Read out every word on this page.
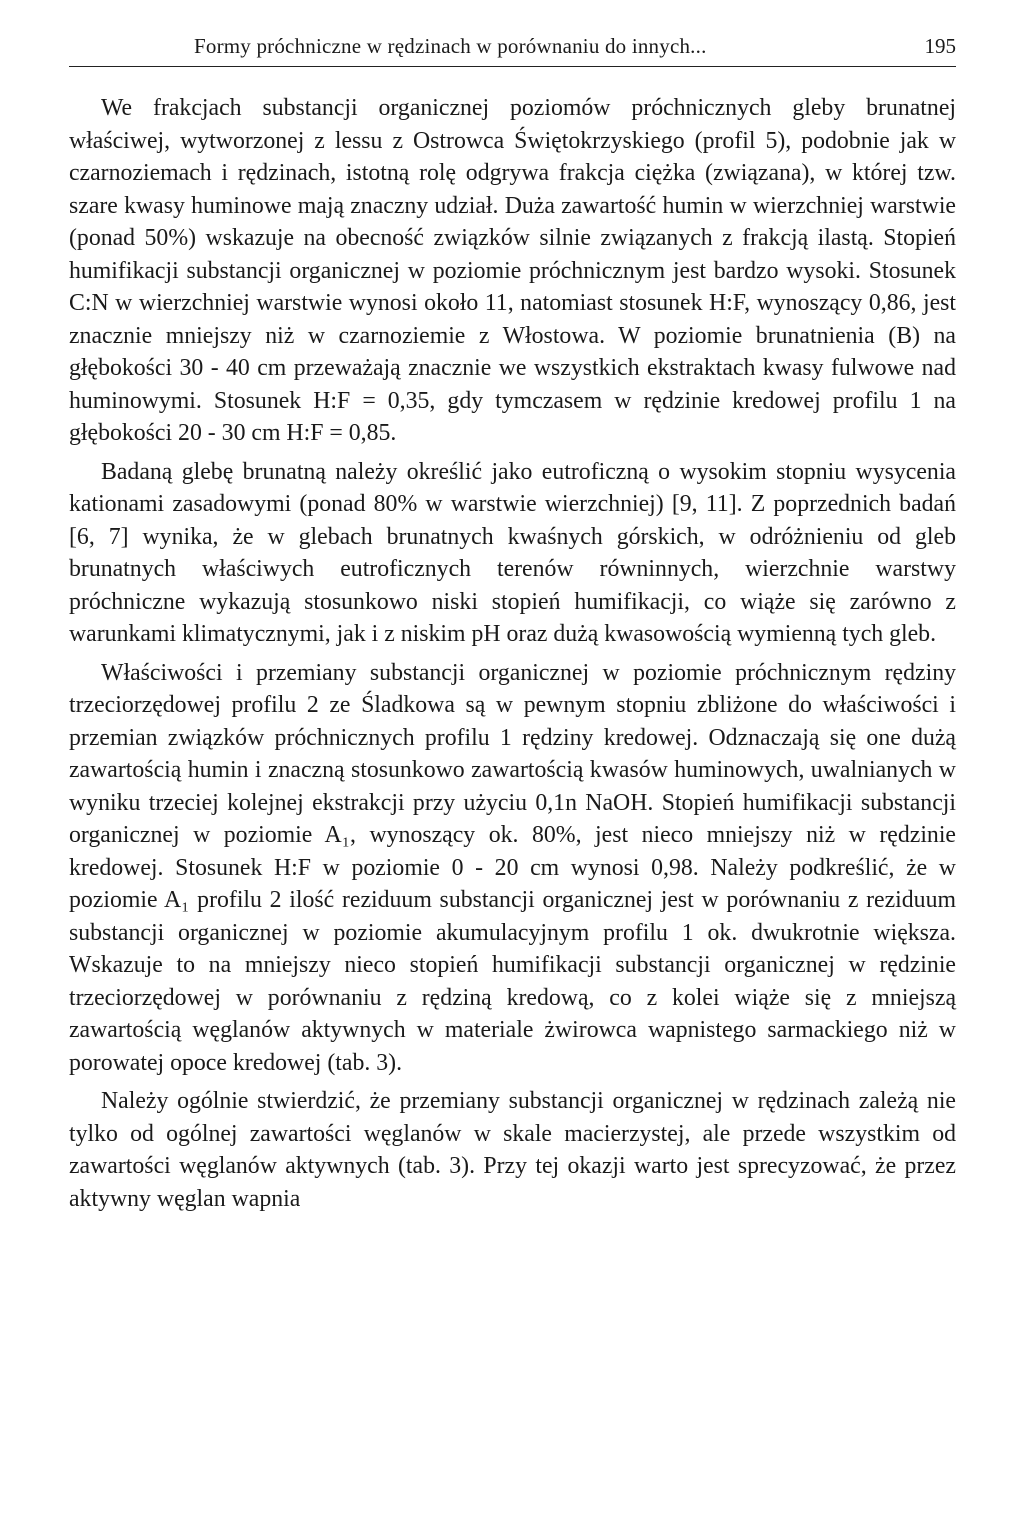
Formy próchniczne w rędzinach w porównaniu do innych...	195

We frakcjach substancji organicznej poziomów próchnicznych gleby brunatnej właściwej, wytworzonej z lessu z Ostrowca Świętokrzyskiego (profil 5), podobnie jak w czarnoziemach i rędzinach, istotną rolę odgrywa frakcja ciężka (związana), w której tzw. szare kwasy huminowe mają znaczny udział. Duża zawartość humin w wierzchniej warstwie (ponad 50%) wskazuje na obecność związków silnie związanych z frakcją ilastą. Stopień humifikacji substancji organicznej w poziomie próchnicznym jest bardzo wysoki. Stosunek C:N w wierzchniej warstwie wynosi około 11, natomiast stosunek H:F, wynoszący 0,86, jest znacznie mniejszy niż w czarnoziemie z Włostowa. W poziomie brunatnienia (B) na głębokości 30 - 40 cm przeważają znacznie we wszystkich ekstraktach kwasy fulwowe nad huminowymi. Stosunek H:F = 0,35, gdy tymczasem w rędzinie kredowej profilu 1 na głębokości 20 - 30 cm H:F = 0,85.

Badaną glebę brunatną należy określić jako eutroficzną o wysokim stopniu wysycenia kationami zasadowymi (ponad 80% w warstwie wierzchniej) [9, 11]. Z poprzednich badań [6, 7] wynika, że w glebach brunatnych kwaśnych górskich, w odróżnieniu od gleb brunatnych właściwych eutroficznych terenów równinnych, wierzchnie warstwy próchniczne wykazują stosunkowo niski stopień humifikacji, co wiąże się zarówno z warunkami klimatycznymi, jak i z niskim pH oraz dużą kwasowością wymienną tych gleb.

Właściwości i przemiany substancji organicznej w poziomie próchnicznym rędziny trzeciorzędowej profilu 2 ze Śladkowa są w pewnym stopniu zbliżone do właściwości i przemian związków próchnicznych profilu 1 rędziny kredowej. Odznaczają się one dużą zawartością humin i znaczną stosunkowo zawartością kwasów huminowych, uwalnianych w wyniku trzeciej kolejnej ekstrakcji przy użyciu 0,1n NaOH. Stopień humifikacji substancji organicznej w poziomie A₁, wynoszący ok. 80%, jest nieco mniejszy niż w rędzinie kredowej. Stosunek H:F w poziomie 0 - 20 cm wynosi 0,98. Należy podkreślić, że w poziomie A₁ profilu 2 ilość reziduum substancji organicznej jest w porównaniu z reziduum substancji organicznej w poziomie akumulacyjnym profilu 1 ok. dwukrotnie większa. Wskazuje to na mniejszy nieco stopień humifikacji substancji organicznej w rędzinie trzeciorzędowej w porównaniu z rędziną kredową, co z kolei wiąże się z mniejszą zawartością węglanów aktywnych w materiale żwirowca wapnistego sarmackiego niż w porowatej opoce kredowej (tab. 3).

Należy ogólnie stwierdzić, że przemiany substancji organicznej w rędzinach zależą nie tylko od ogólnej zawartości węglanów w skale macierzystej, ale przede wszystkim od zawartości węglanów aktywnych (tab. 3). Przy tej okazji warto jest sprecyzować, że przez aktywny węglan wapnia
